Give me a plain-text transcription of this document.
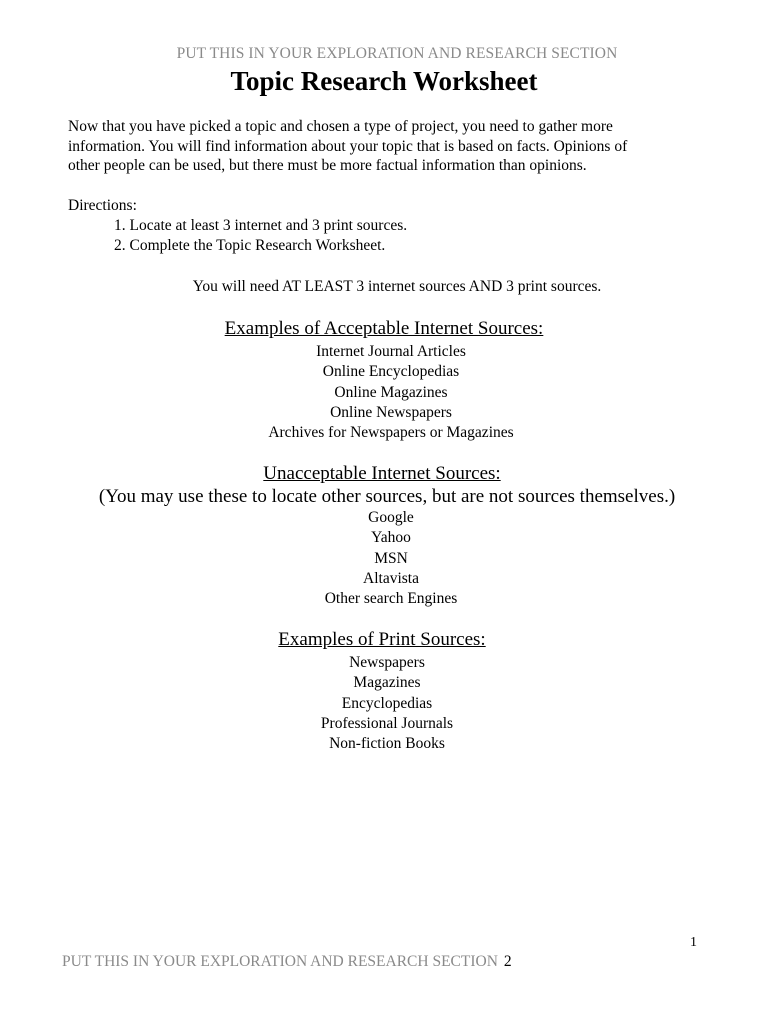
PUT THIS IN YOUR EXPLORATION AND RESEARCH SECTION
Topic Research Worksheet
Now that you have picked a topic and chosen a type of project, you need to gather more
information. You will find information about your topic that is based on facts. Opinions of
other people can be used, but there must be more factual information than opinions.
Directions:
1. Locate at least 3 internet and 3 print sources.
2. Complete the Topic Research Worksheet.
You will need AT LEAST 3 internet sources AND 3 print sources.
Examples of Acceptable Internet Sources:
Internet Journal Articles
Online Encyclopedias
Online Magazines
Online Newspapers
Archives for Newspapers or Magazines
Unacceptable Internet Sources:
(You may use these to locate other sources, but are not sources themselves.)
Google
Yahoo
MSN
Altavista
Other search Engines
Examples of Print Sources:
Newspapers
Magazines
Encyclopedias
Professional Journals
Non-fiction Books
1
PUT THIS IN YOUR EXPLORATION AND RESEARCH SECTION 2
